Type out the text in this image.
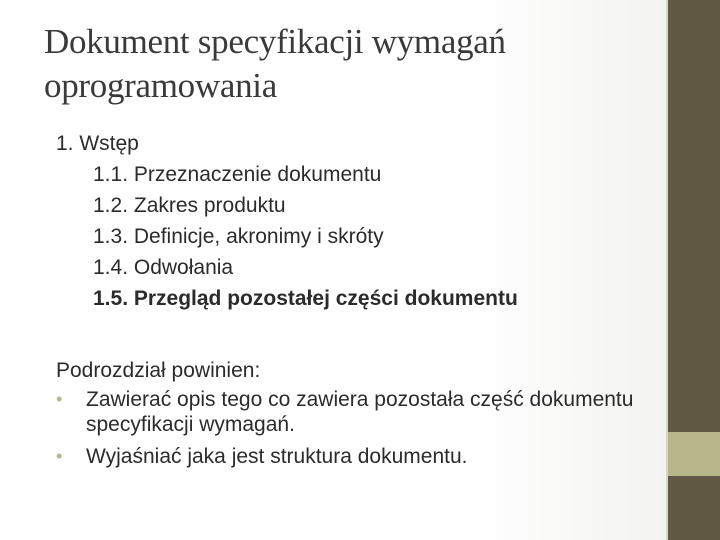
Dokument specyfikacji wymagań oprogramowania
1. Wstęp
1.1. Przeznaczenie dokumentu
1.2. Zakres produktu
1.3. Definicje, akronimy i skróty
1.4. Odwołania
1.5. Przegląd pozostałej części dokumentu
Podrozdział powinien:
• Zawierać opis tego co zawiera pozostała część dokumentu specyfikacji wymagań.
• Wyjaśniać jaka jest struktura dokumentu.
